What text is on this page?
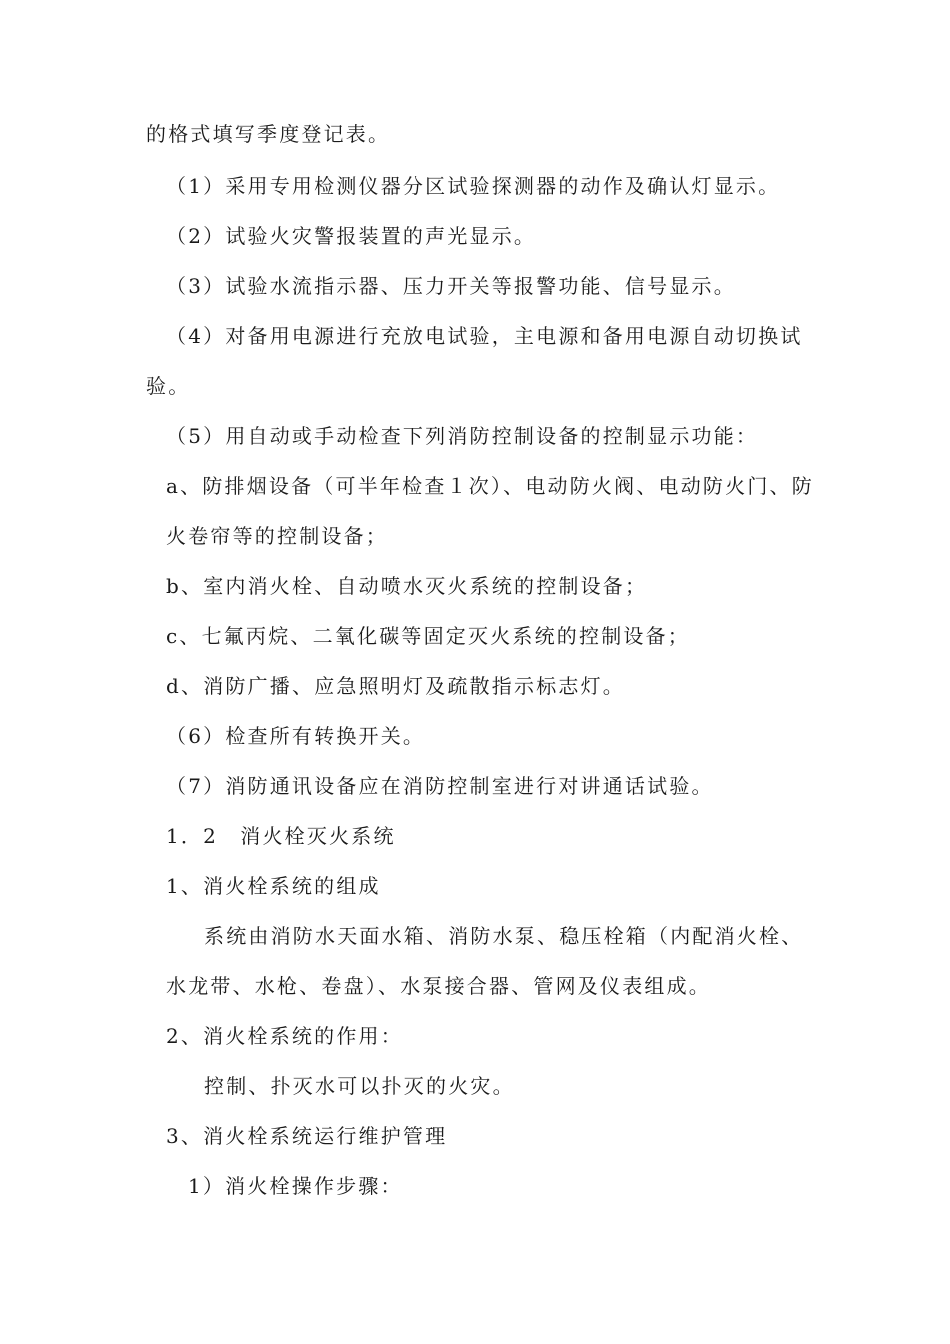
的格式填写季度登记表。
（1）采用专用检测仪器分区试验探测器的动作及确认灯显示。
（2）试验火灾警报装置的声光显示。
（3）试验水流指示器、压力开关等报警功能、信号显示。
（4）对备用电源进行充放电试验，主电源和备用电源自动切换试
验。
（5）用自动或手动检查下列消防控制设备的控制显示功能：
a、防排烟设备（可半年检查１次）、电动防火阀、电动防火门、防
火卷帘等的控制设备；
b、室内消火栓、自动喷水灭火系统的控制设备；
c、七氟丙烷、二氧化碳等固定灭火系统的控制设备；
d、消防广播、应急照明灯及疏散指示标志灯。
（6）检查所有转换开关。
（7）消防通讯设备应在消防控制室进行对讲通话试验。
1．2　消火栓灭火系统
1、消火栓系统的组成
系统由消防水天面水箱、消防水泵、稳压栓箱（内配消火栓、
水龙带、水枪、卷盘）、水泵接合器、管网及仪表组成。
2、消火栓系统的作用：
控制、扑灭水可以扑灭的火灾。
3、消火栓系统运行维护管理
1）消火栓操作步骤：
